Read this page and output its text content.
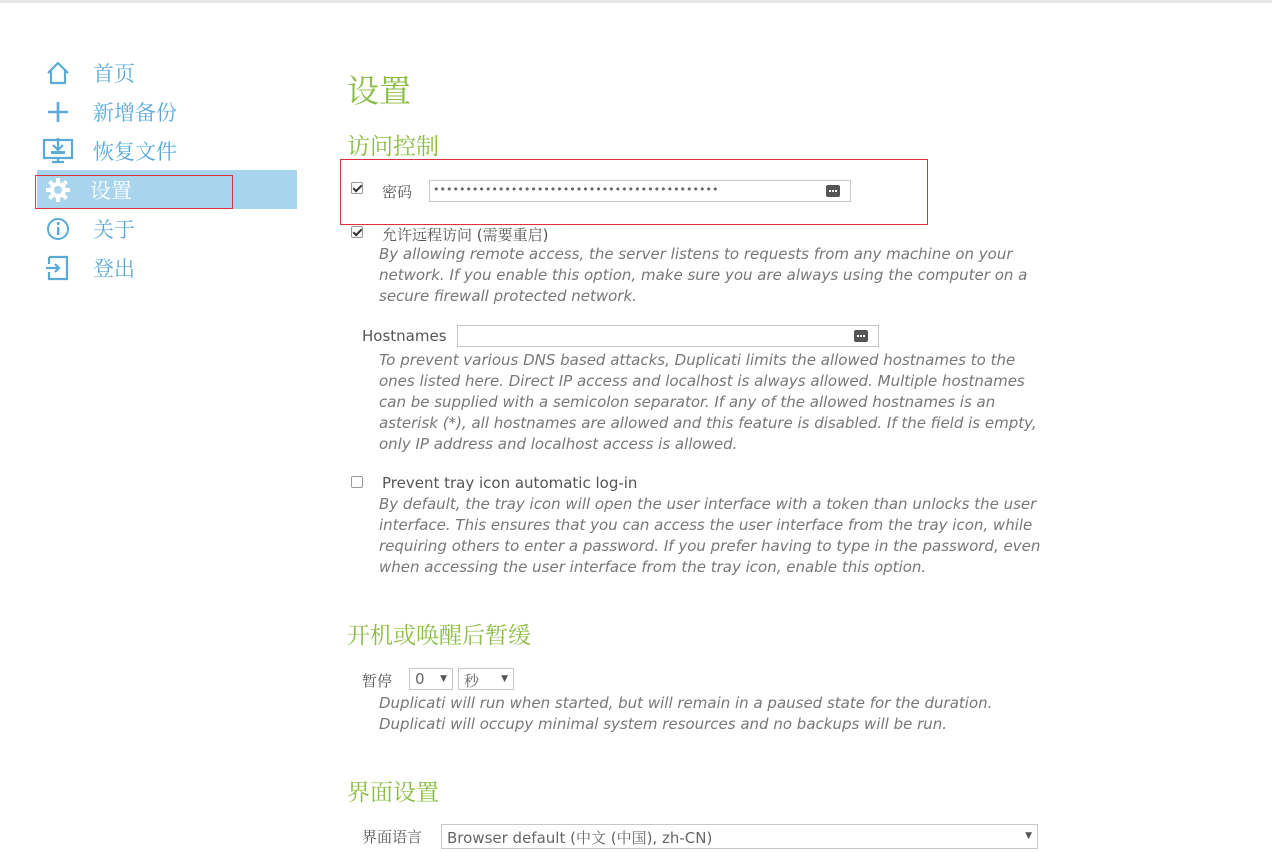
首页
新增备份
恢复文件
设置
关于
登出
设置
访问控制
密码 ••••••••••••••••••••••••••••••••••••••••••••
允许远程访问 (需要重启)
By allowing remote access, the server listens to requests from any machine on your
network. If you enable this option, make sure you are always using the computer on a
secure firewall protected network.
Hostnames
To prevent various DNS based attacks, Duplicati limits the allowed hostnames to the
ones listed here. Direct IP access and localhost is always allowed. Multiple hostnames
can be supplied with a semicolon separator. If any of the allowed hostnames is an
asterisk (*), all hostnames are allowed and this feature is disabled. If the field is empty,
only IP address and localhost access is allowed.
Prevent tray icon automatic log-in
By default, the tray icon will open the user interface with a token than unlocks the user
interface. This ensures that you can access the user interface from the tray icon, while
requiring others to enter a password. If you prefer having to type in the password, even
when accessing the user interface from the tray icon, enable this option.
开机或唤醒后暂缓
暂停 0 ▼ 秒 ▼
Duplicati will run when started, but will remain in a paused state for the duration.
Duplicati will occupy minimal system resources and no backups will be run.
界面设置
界面语言 Browser default (中文 (中国), zh-CN)	▼
